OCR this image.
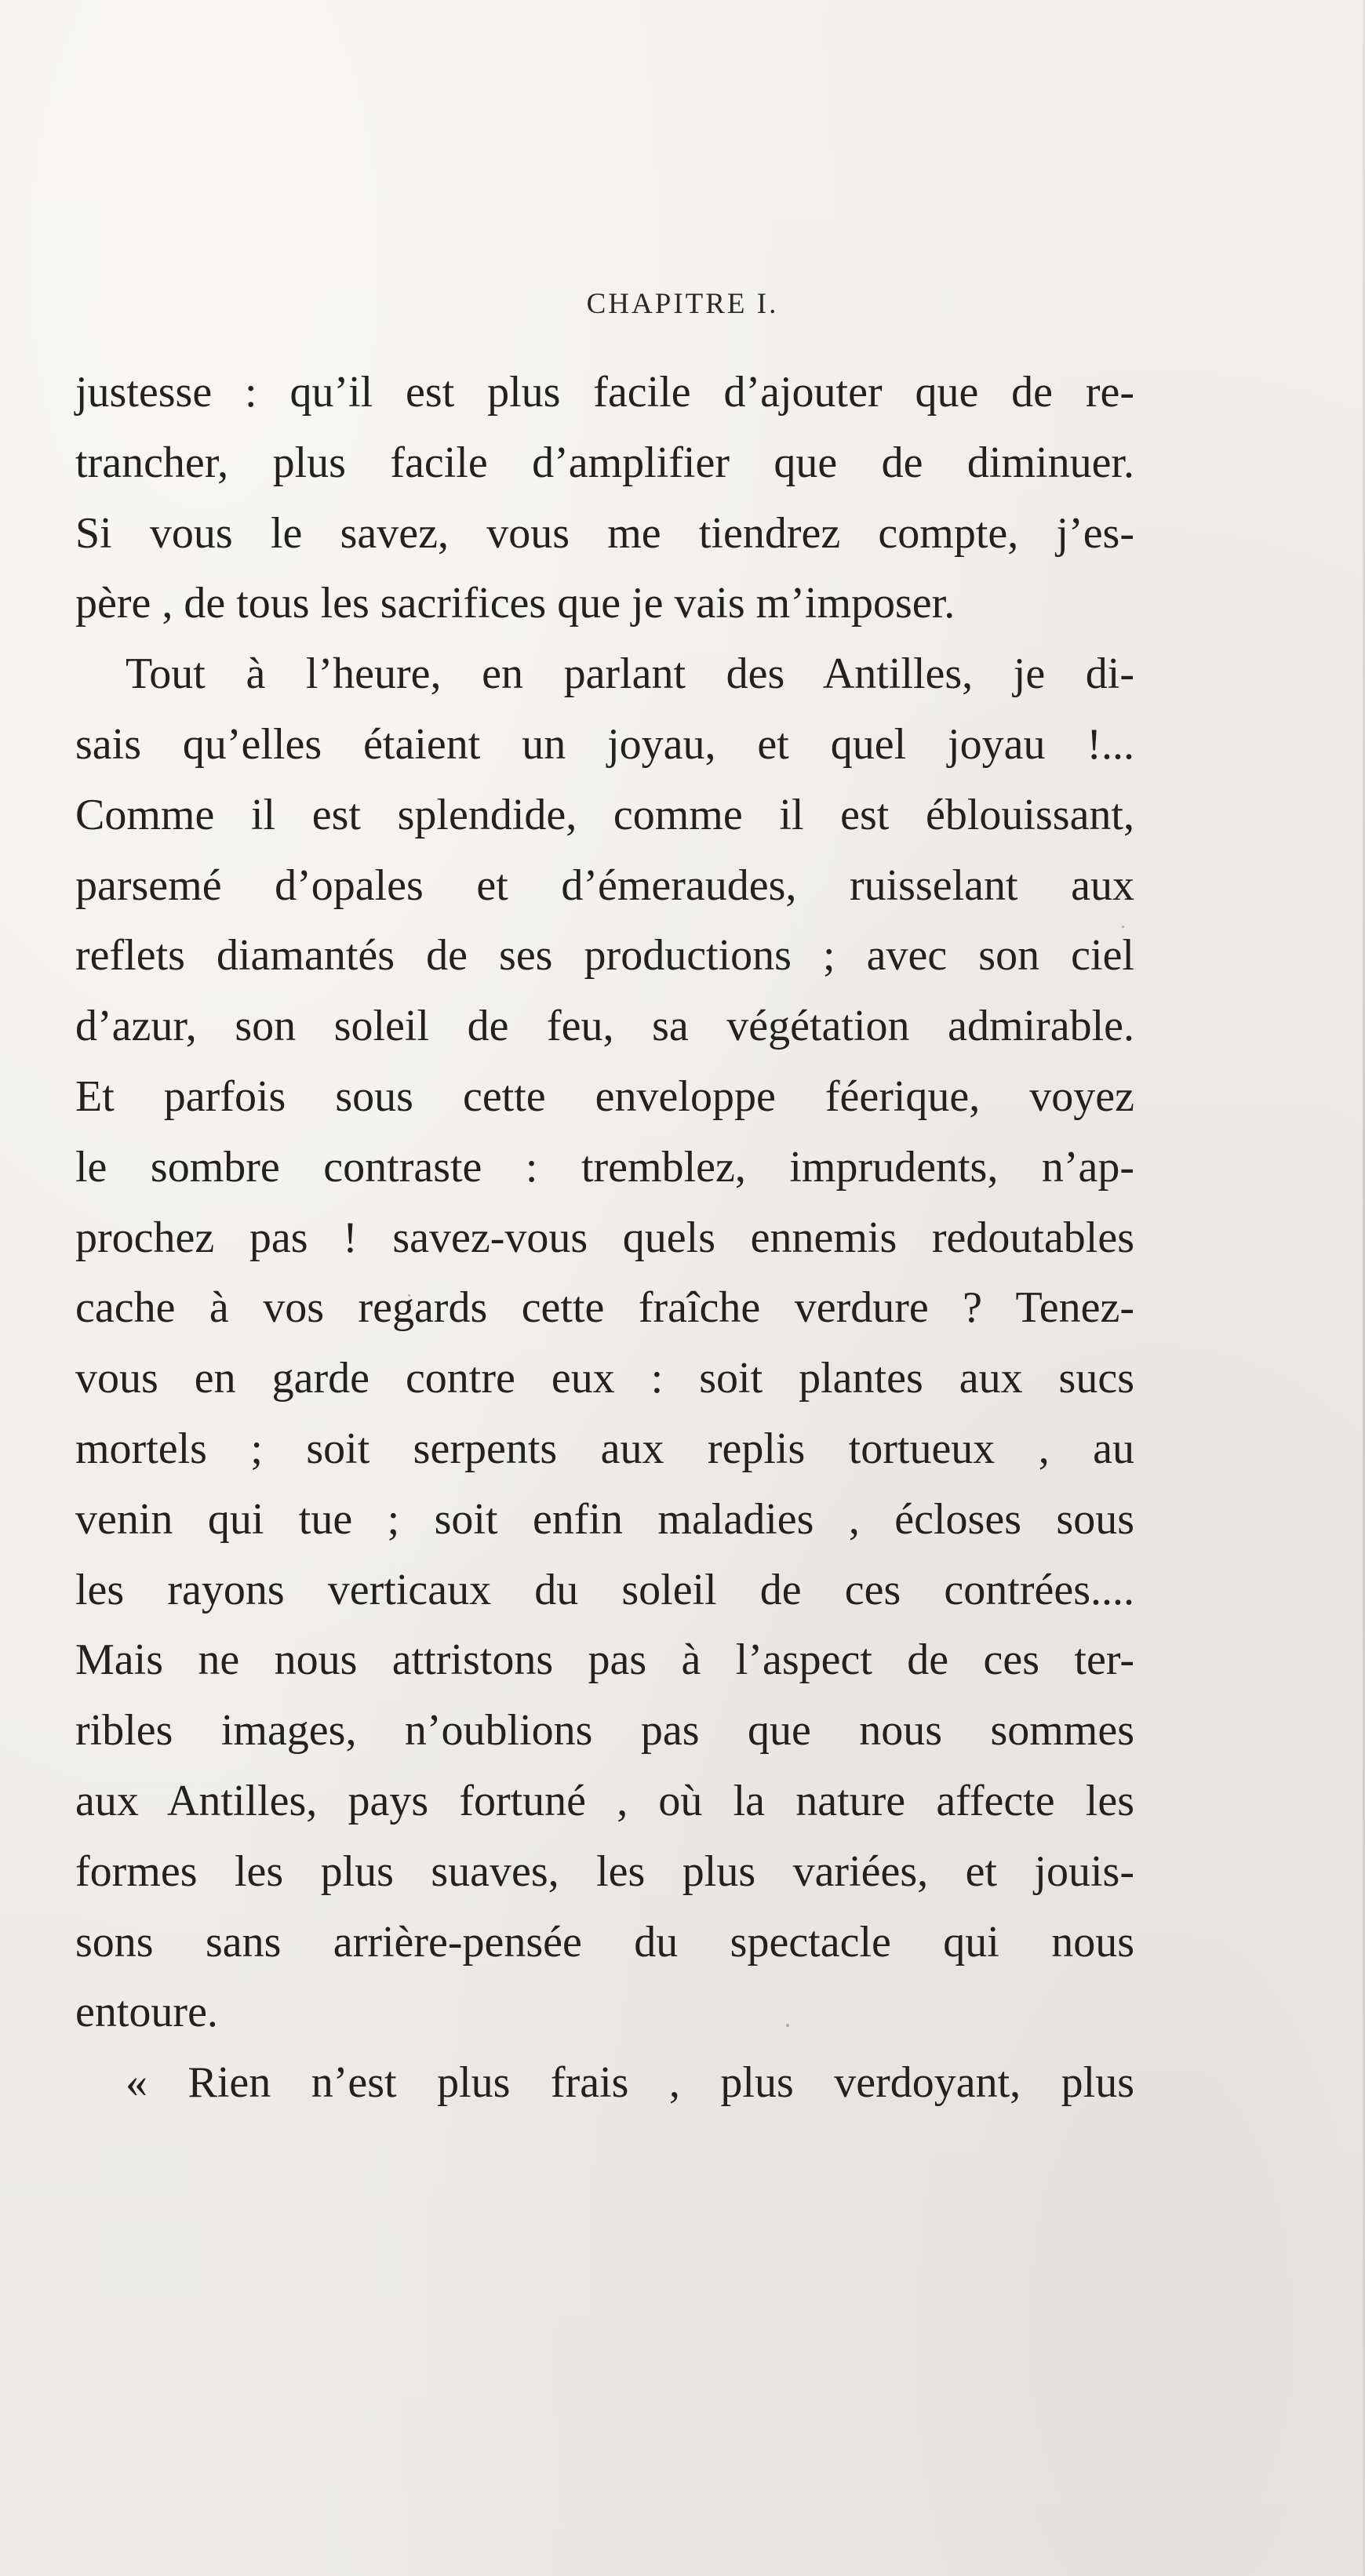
CHAPITRE I.
justesse : qu’il est plus facile d’ajouter que de re-
trancher, plus facile d’amplifier que de diminuer.
Si vous le savez, vous me tiendrez compte, j’es-
père , de tous les sacrifices que je vais m’imposer.
Tout à l’heure, en parlant des Antilles, je di-
sais qu’elles étaient un joyau, et quel joyau !...
Comme il est splendide, comme il est éblouissant,
parsemé d’opales et d’émeraudes, ruisselant aux
reflets diamantés de ses productions ; avec son ciel
d’azur, son soleil de feu, sa végétation admirable.
Et parfois sous cette enveloppe féerique, voyez
le sombre contraste : tremblez, imprudents, n’ap-
prochez pas ! savez-vous quels ennemis redoutables
cache à vos regards cette fraîche verdure ? Tenez-
vous en garde contre eux : soit plantes aux sucs
mortels ; soit serpents aux replis tortueux , au
venin qui tue ; soit enfin maladies , écloses sous
les rayons verticaux du soleil de ces contrées....
Mais ne nous attristons pas à l’aspect de ces ter-
ribles images, n’oublions pas que nous sommes
aux Antilles, pays fortuné , où la nature affecte les
formes les plus suaves, les plus variées, et jouis-
sons sans arrière-pensée du spectacle qui nous
entoure.
« Rien n’est plus frais , plus verdoyant, plus
